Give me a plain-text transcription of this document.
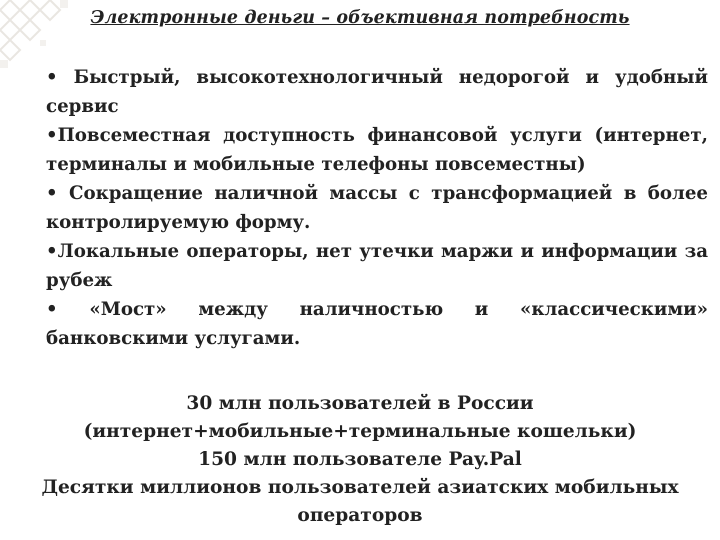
Электронные деньги – объективная потребность

• Быстрый, высокотехнологичный недорогой и удобный сервис

•Повсеместная доступность финансовой услуги (интернет, терминалы и мобильные телефоны повсеместны)

• Сокращение наличной массы с трансформацией в более контролируемую форму.

•Локальные операторы, нет утечки маржи и информации за рубеж

• «Мост» между наличностью и «классическими»

банковскими услугами.

30 млн пользователей в России

(интернет+мобильные+терминальные кошельки)

150 млн пользователе Pay.Pal

Десятки миллионов пользователей азиатских мобильных

операторов
